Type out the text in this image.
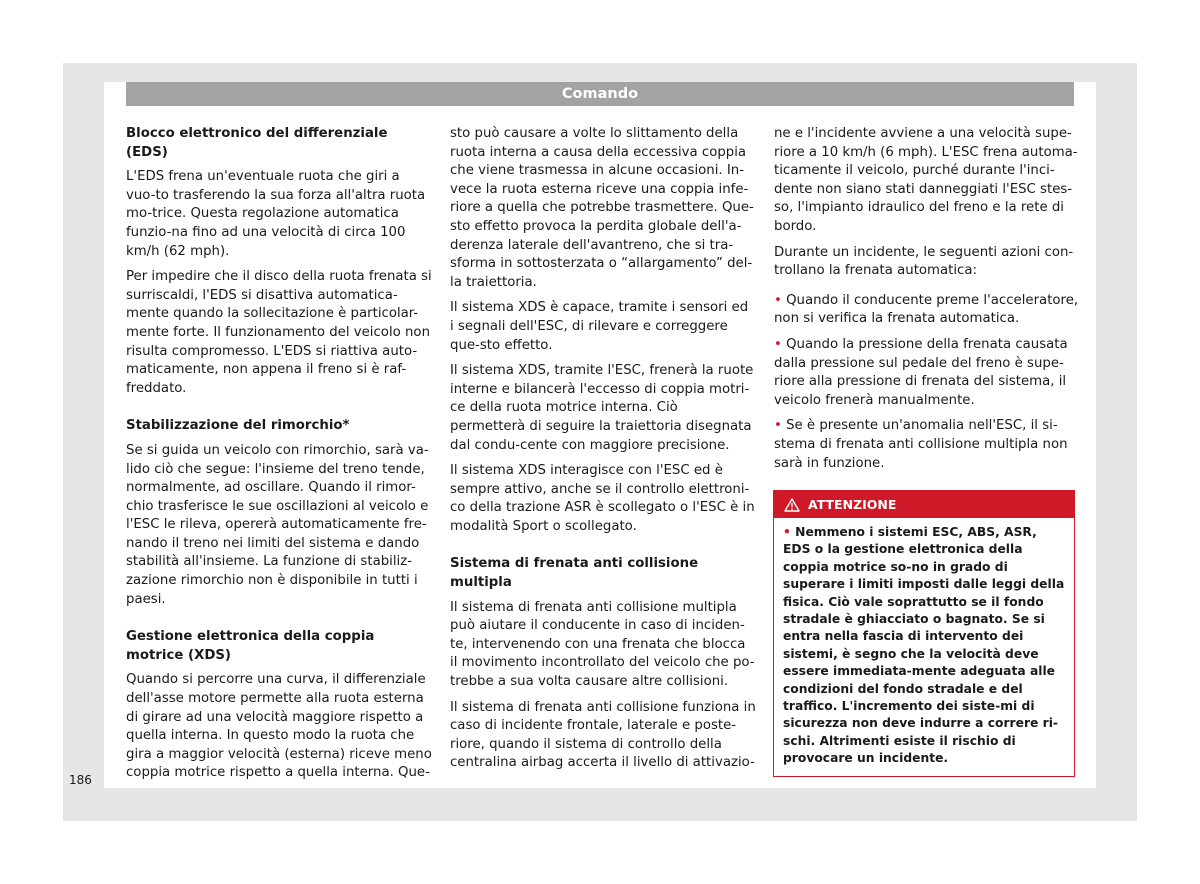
Comando
Blocco elettronico del differenziale (EDS)

L'EDS frena un'eventuale ruota che giri a vuo-to trasferendo la sua forza all'altra ruota mo-trice. Questa regolazione automatica funzio-na fino ad una velocità di circa 100 km/h (62 mph).

Per impedire che il disco della ruota frenata si surriscaldi, l'EDS si disattiva automatica-mente quando la sollecitazione è particolar-mente forte. Il funzionamento del veicolo non risulta compromesso. L'EDS si riattiva auto-maticamente, non appena il freno si è raf-freddato.

Stabilizzazione del rimorchio*

Se si guida un veicolo con rimorchio, sarà va-lido ciò che segue: l'insieme del treno tende, normalmente, ad oscillare. Quando il rimor-chio trasferisce le sue oscillazioni al veicolo e l'ESC le rileva, opererà automaticamente fre-nando il treno nei limiti del sistema e dando stabilità all'insieme. La funzione di stabiliz-zazione rimorchio non è disponibile in tutti i paesi.

Gestione elettronica della coppia motrice (XDS)

Quando si percorre una curva, il differenziale dell'asse motore permette alla ruota esterna di girare ad una velocità maggiore rispetto a quella interna. In questo modo la ruota che gira a maggior velocità (esterna) riceve meno coppia motrice rispetto a quella interna. Que-

sto può causare a volte lo slittamento della ruota interna a causa della eccessiva coppia che viene trasmessa in alcune occasioni. In-vece la ruota esterna riceve una coppia infe-riore a quella che potrebbe trasmettere. Que-sto effetto provoca la perdita globale dell'a-derenza laterale dell'avantreno, che si tra-sforma in sottosterzata o “allargamento” del-la traiettoria.

Il sistema XDS è capace, tramite i sensori ed i segnali dell'ESC, di rilevare e correggere que-sto effetto.

Il sistema XDS, tramite l'ESC, frenerà la ruote interne e bilancerà l'eccesso di coppia motri-ce della ruota motrice interna. Ciò permetterà di seguire la traiettoria disegnata dal condu-cente con maggiore precisione.

Il sistema XDS interagisce con l'ESC ed è sempre attivo, anche se il controllo elettroni-co della trazione ASR è scollegato o l'ESC è in modalità Sport o scollegato.

Sistema di frenata anti collisione multipla

Il sistema di frenata anti collisione multipla può aiutare il conducente in caso di inciden-te, intervenendo con una frenata che blocca il movimento incontrollato del veicolo che po-trebbe a sua volta causare altre collisioni.

Il sistema di frenata anti collisione funziona in caso di incidente frontale, laterale e poste-riore, quando il sistema di controllo della centralina airbag accerta il livello di attivazio-

ne e l'incidente avviene a una velocità supe-riore a 10 km/h (6 mph). L'ESC frena automa-ticamente il veicolo, purché durante l'inci-dente non siano stati danneggiati l'ESC stes-so, l'impianto idraulico del freno e la rete di bordo.

Durante un incidente, le seguenti azioni con-trollano la frenata automatica:

• Quando il conducente preme l'acceleratore, non si verifica la frenata automatica.

• Quando la pressione della frenata causata dalla pressione sul pedale del freno è supe-riore alla pressione di frenata del sistema, il veicolo frenerà manualmente.

• Se è presente un'anomalia nell'ESC, il si-stema di frenata anti collisione multipla non sarà in funzione.

ATTENZIONE
• Nemmeno i sistemi ESC, ABS, ASR, EDS o la gestione elettronica della coppia motrice so-no in grado di superare i limiti imposti dalle leggi della fisica. Ciò vale soprattutto se il fondo stradale è ghiacciato o bagnato. Se si entra nella fascia di intervento dei sistemi, è segno che la velocità deve essere immediata-mente adeguata alle condizioni del fondo stradale e del traffico. L'incremento dei siste-mi di sicurezza non deve indurre a correre ri-schi. Altrimenti esiste il rischio di provocare un incidente.
186
